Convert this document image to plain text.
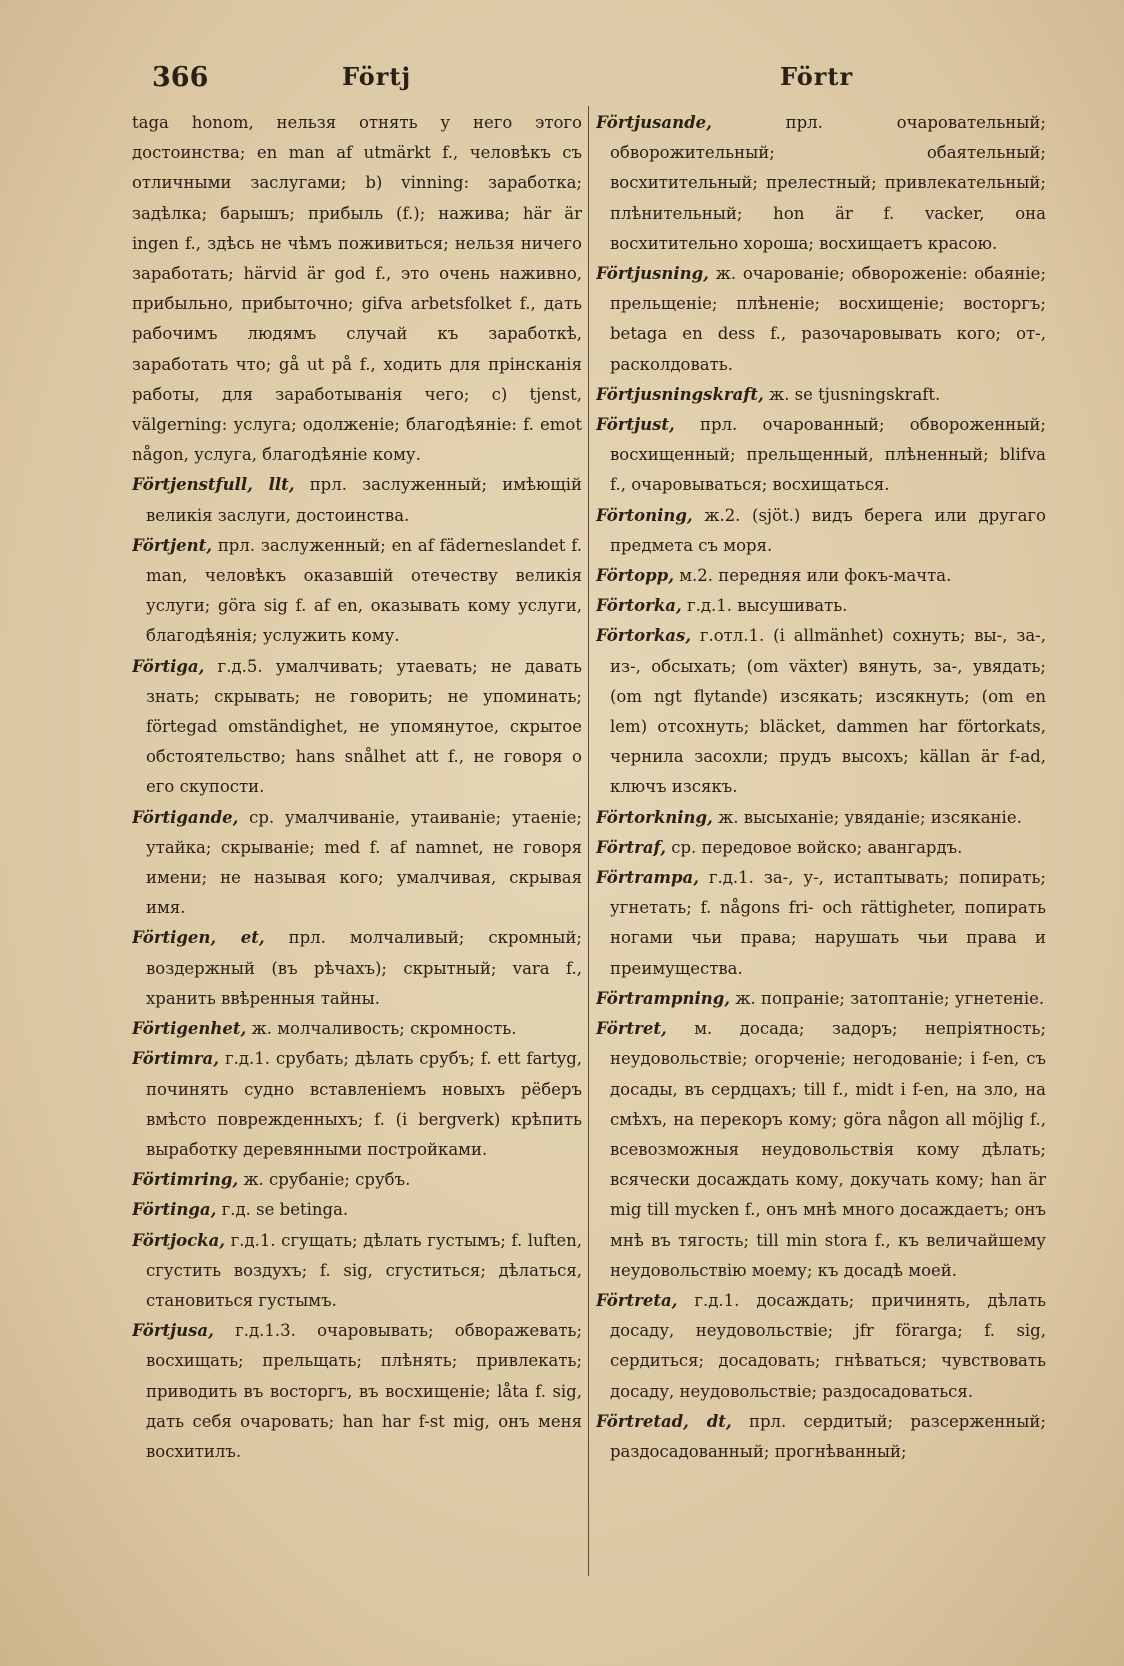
366	Förtj	Förtr

taga honom, нельзя отнять у него этого достоинства; en man af utmärkt f., человѣкъ съ отличными заслугами; b) vinning: заработка; задѣлка; барышъ; прибыль (f.); нажива; här är ingen f., здѣсь не чѣмъ поживиться; нельзя ничего заработать; härvid är god f., это очень наживно, прибыльно, прибыточно; gifva arbetsfolket f., дать рабочимъ людямъ случай къ заработкѣ, заработать что; gå ut på f., ходить для прінсканія работы, для заработыванія чего; c) tjenst, välgerning: услуга; одолженіе; благодѣяніе: f. emot någon, услуга, благодѣяніе кому.

Förtjenstfull, llt, прл. заслуженный; имѣющій великія заслуги, достоинства.

Förtjent, прл. заслуженный; en af fäderneslandet f. man, человѣкъ оказавшій отечеству великія услуги; göra sig f. af en, оказывать кому услуги, благодѣянія; услужить кому.

Förtiga, г.д.5. умалчивать; утаевать; не давать знать; скрывать; не говорить; не упоминать; förtegad omständighet, не упомянутое, скрытое обстоятельство; hans snålhet att f., не говоря о его скупости.

Förtigande, ср. умалчиваніе, утаиваніе; утаеніе; утайка; скрываніе; med f. af namnet, не говоря имени; не называя кого; умалчивая, скрывая имя.

Förtigen, et, прл. молчаливый; скромный; воздержный (въ рѣчахъ); скрытный; vara f., хранить ввѣренныя тайны.

Förtigenhet, ж. молчаливость; скромность.

Förtimra, г.д.1. срубать; дѣлать срубъ; f. ett fartyg, починять судно вставленіемъ новыхъ рёберъ вмѣсто поврежденныхъ; f. (i bergverk) крѣпить выработку деревянными постройками.

Förtimring, ж. срубаніе; срубъ.

Förtinga, г.д. se betinga.

Förtjocka, г.д.1. сгущать; дѣлать густымъ; f. luften, сгустить воздухъ; f. sig, сгуститься; дѣлаться, становиться густымъ.

Förtjusa, г.д.1.3. очаровывать; обворажевать; восхищать; прельщать; плѣнять; привлекать; приводить въ восторгъ, въ восхищеніе; låta f. sig, дать себя очаровать; han har f-st mig, онъ меня восхитилъ.

Förtjusande,	прл. очаровательный; обворожительный; обаятельный; восхитительный; прелестный; привлекательный; плѣнительный; hon är f. vacker, она восхитительно хороша; восхищаетъ красою.

Förtjusning, ж. очарованіе; обвороженіе: обаяніе; прельщеніе; плѣненіе; восхищеніе; восторгъ; betaga en dess f., разочаровывать кого; от-, расколдовать.

Förtjusningskraft, ж. se tjusningskraft.

Förtjust, прл. очарованный; обвороженный; восхищенный; прельщенный, плѣненный; blifva f., очаровываться; восхищаться.

Förtoning, ж.2. (sjöt.) видъ берега или другаго предмета съ моря.

Förtopp, м.2. передняя или фокъ-мачта.

Förtorka, г.д.1. высушивать.

Förtorkas, г.отл.1. (i allmänhet) сохнуть; вы-, за-, из-, обсыхать; (om växter) вянуть, за-, увядать; (om ngt flytande) изсякать; изсякнуть; (om en lem) отсохнуть; bläcket, dammen har förtorkats, чернила засохли; прудъ высохъ; källan är f-ad, ключъ изсякъ.

Förtorkning, ж. высыханіе; увяданіе; изсяканіе.

Förtraf, ср. передовое войско; авангардъ.

Förtrampa, г.д.1. за-, у-, истаптывать; попирать; угнетать; f. någons fri- och rättigheter, попирать ногами чьи права; нарушать чьи права и преимущества.

Förtrampning, ж. попраніе; затоптаніе; угнетеніе.

Förtret, м. досада; задоръ; непріятность; неудовольствіе; огорченіе; негодованіе; i f-en, съ досады, въ сердцахъ; till f., midt i f-en, на зло, на смѣхъ, на перекоръ кому; göra någon all möjlig f., всевозможныя неудовольствія кому дѣлать; всячески досаждать кому, докучать кому; han är mig till mycken f., онъ мнѣ много досаждаетъ; онъ мнѣ въ тягость; till min stora f., къ величайшему неудовольствію моему; къ досадѣ моей.

Förtreta, г.д.1. досаждать; причинять, дѣлать досаду, неудовольствіе; jfr förarga; f. sig, сердиться; досадовать; гнѣваться; чувствовать досаду, неудовольствіе; раздосадоваться.

Förtretad, dt, прл. сердитый; разсерженный; раздосадованный; прогнѣванный;
